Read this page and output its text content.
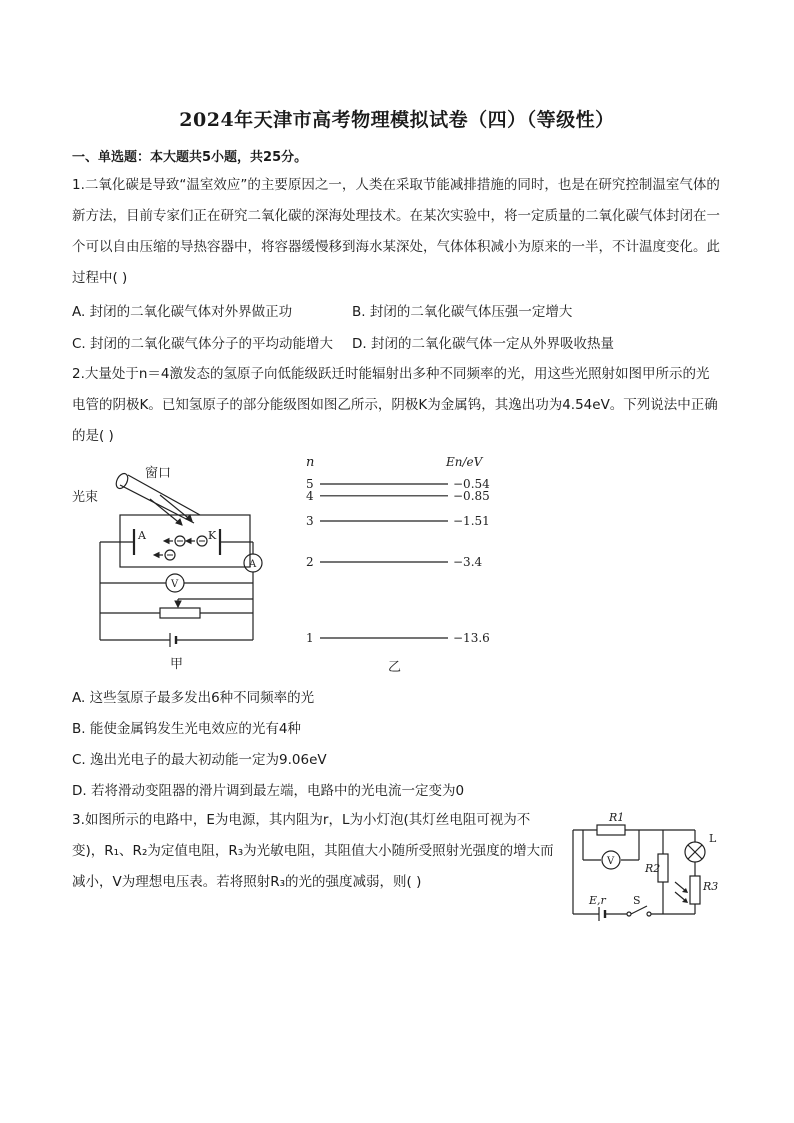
2024年天津市高考物理模拟试卷（四）（等级性）
一、单选题：本大题共5小题，共25分。
1.二氧化碳是导致“温室效应”的主要原因之一，人类在采取节能减排措施的同时，也是在研究控制温室气体的新方法，目前专家们正在研究二氧化碳的深海处理技术。在某次实验中，将一定质量的二氧化碳气体封闭在一个可以自由压缩的导热容器中，将容器缓慢移到海水某深处，气体体积减小为原来的一半，不计温度变化。此过程中( )
A. 封闭的二氧化碳气体对外界做正功	B. 封闭的二氧化碳气体压强一定增大
C. 封闭的二氧化碳气体分子的平均动能增大 D. 封闭的二氧化碳气体一定从外界吸收热量
2.大量处于n＝4激发态的氢原子向低能级跃迁时能辐射出多种不同频率的光，用这些光照射如图甲所示的光电管的阴极K。已知氢原子的部分能级图如图乙所示，阴极K为金属钨，其逸出功为4.54eV。下列说法中正确的是( )
窗口
光束
A	K
A
V
甲
n	En/eV
5	−0.54
4	−0.85
3	−1.51
2	−3.4
1	−13.6
乙
A. 这些氢原子最多发出6种不同频率的光
B. 能使金属钨发生光电效应的光有4种
C. 逸出光电子的最大初动能一定为9.06eV
D. 若将滑动变阻器的滑片调到最左端，电路中的光电流一定变为0
3.如图所示的电路中，E为电源，其内阻为r，L为小灯泡(其灯丝电阻可视为不变)，R₁、R₂为定值电阻，R₃为光敏电阻，其阻值大小随所受照射光强度的增大而减小，V为理想电压表。若将照射R₃的光的强度减弱，则( )
R1
V
R2
L
R3
E,r S
